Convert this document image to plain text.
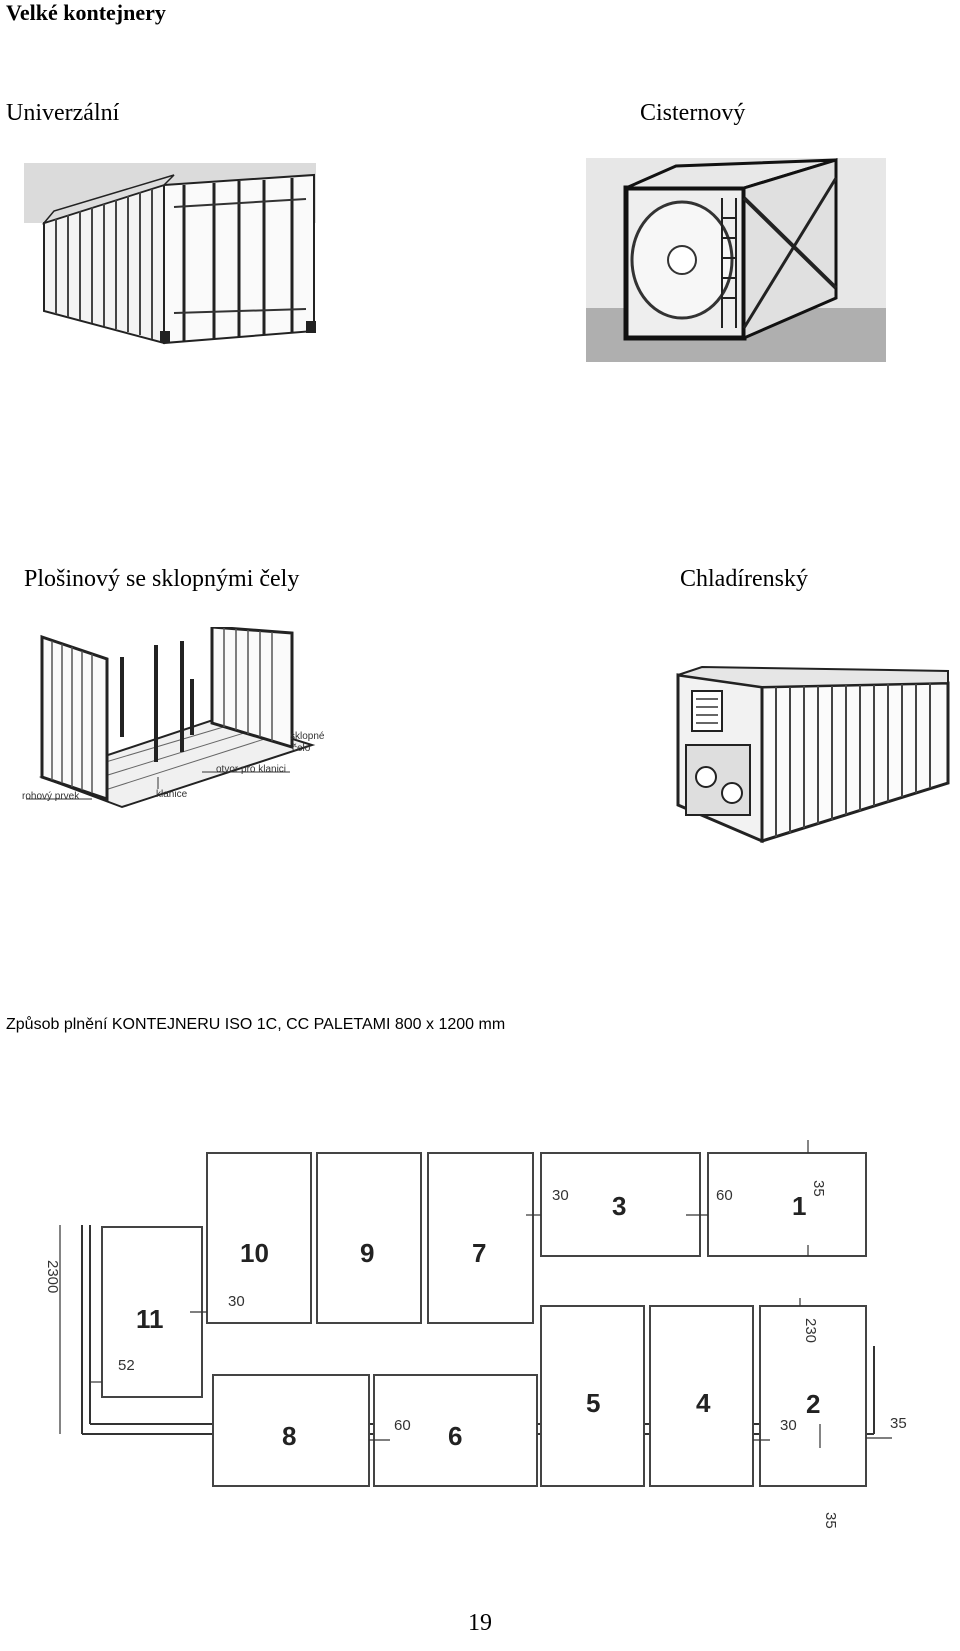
Velké kontejnery
Univerzální	Cisternový
Plošinový se sklopnými čely	Chladírenský
sklopné
čelo
otvor pro klanici
rohový prvek	klanice
Způsob plnění KONTEJNERU ISO 1C, CC PALETAMI 800 x 1200 mm
1
2
3
4
5
6
7
8
9
10
11
35
30	60
30
2300
52
230
60	30	35
35
19
